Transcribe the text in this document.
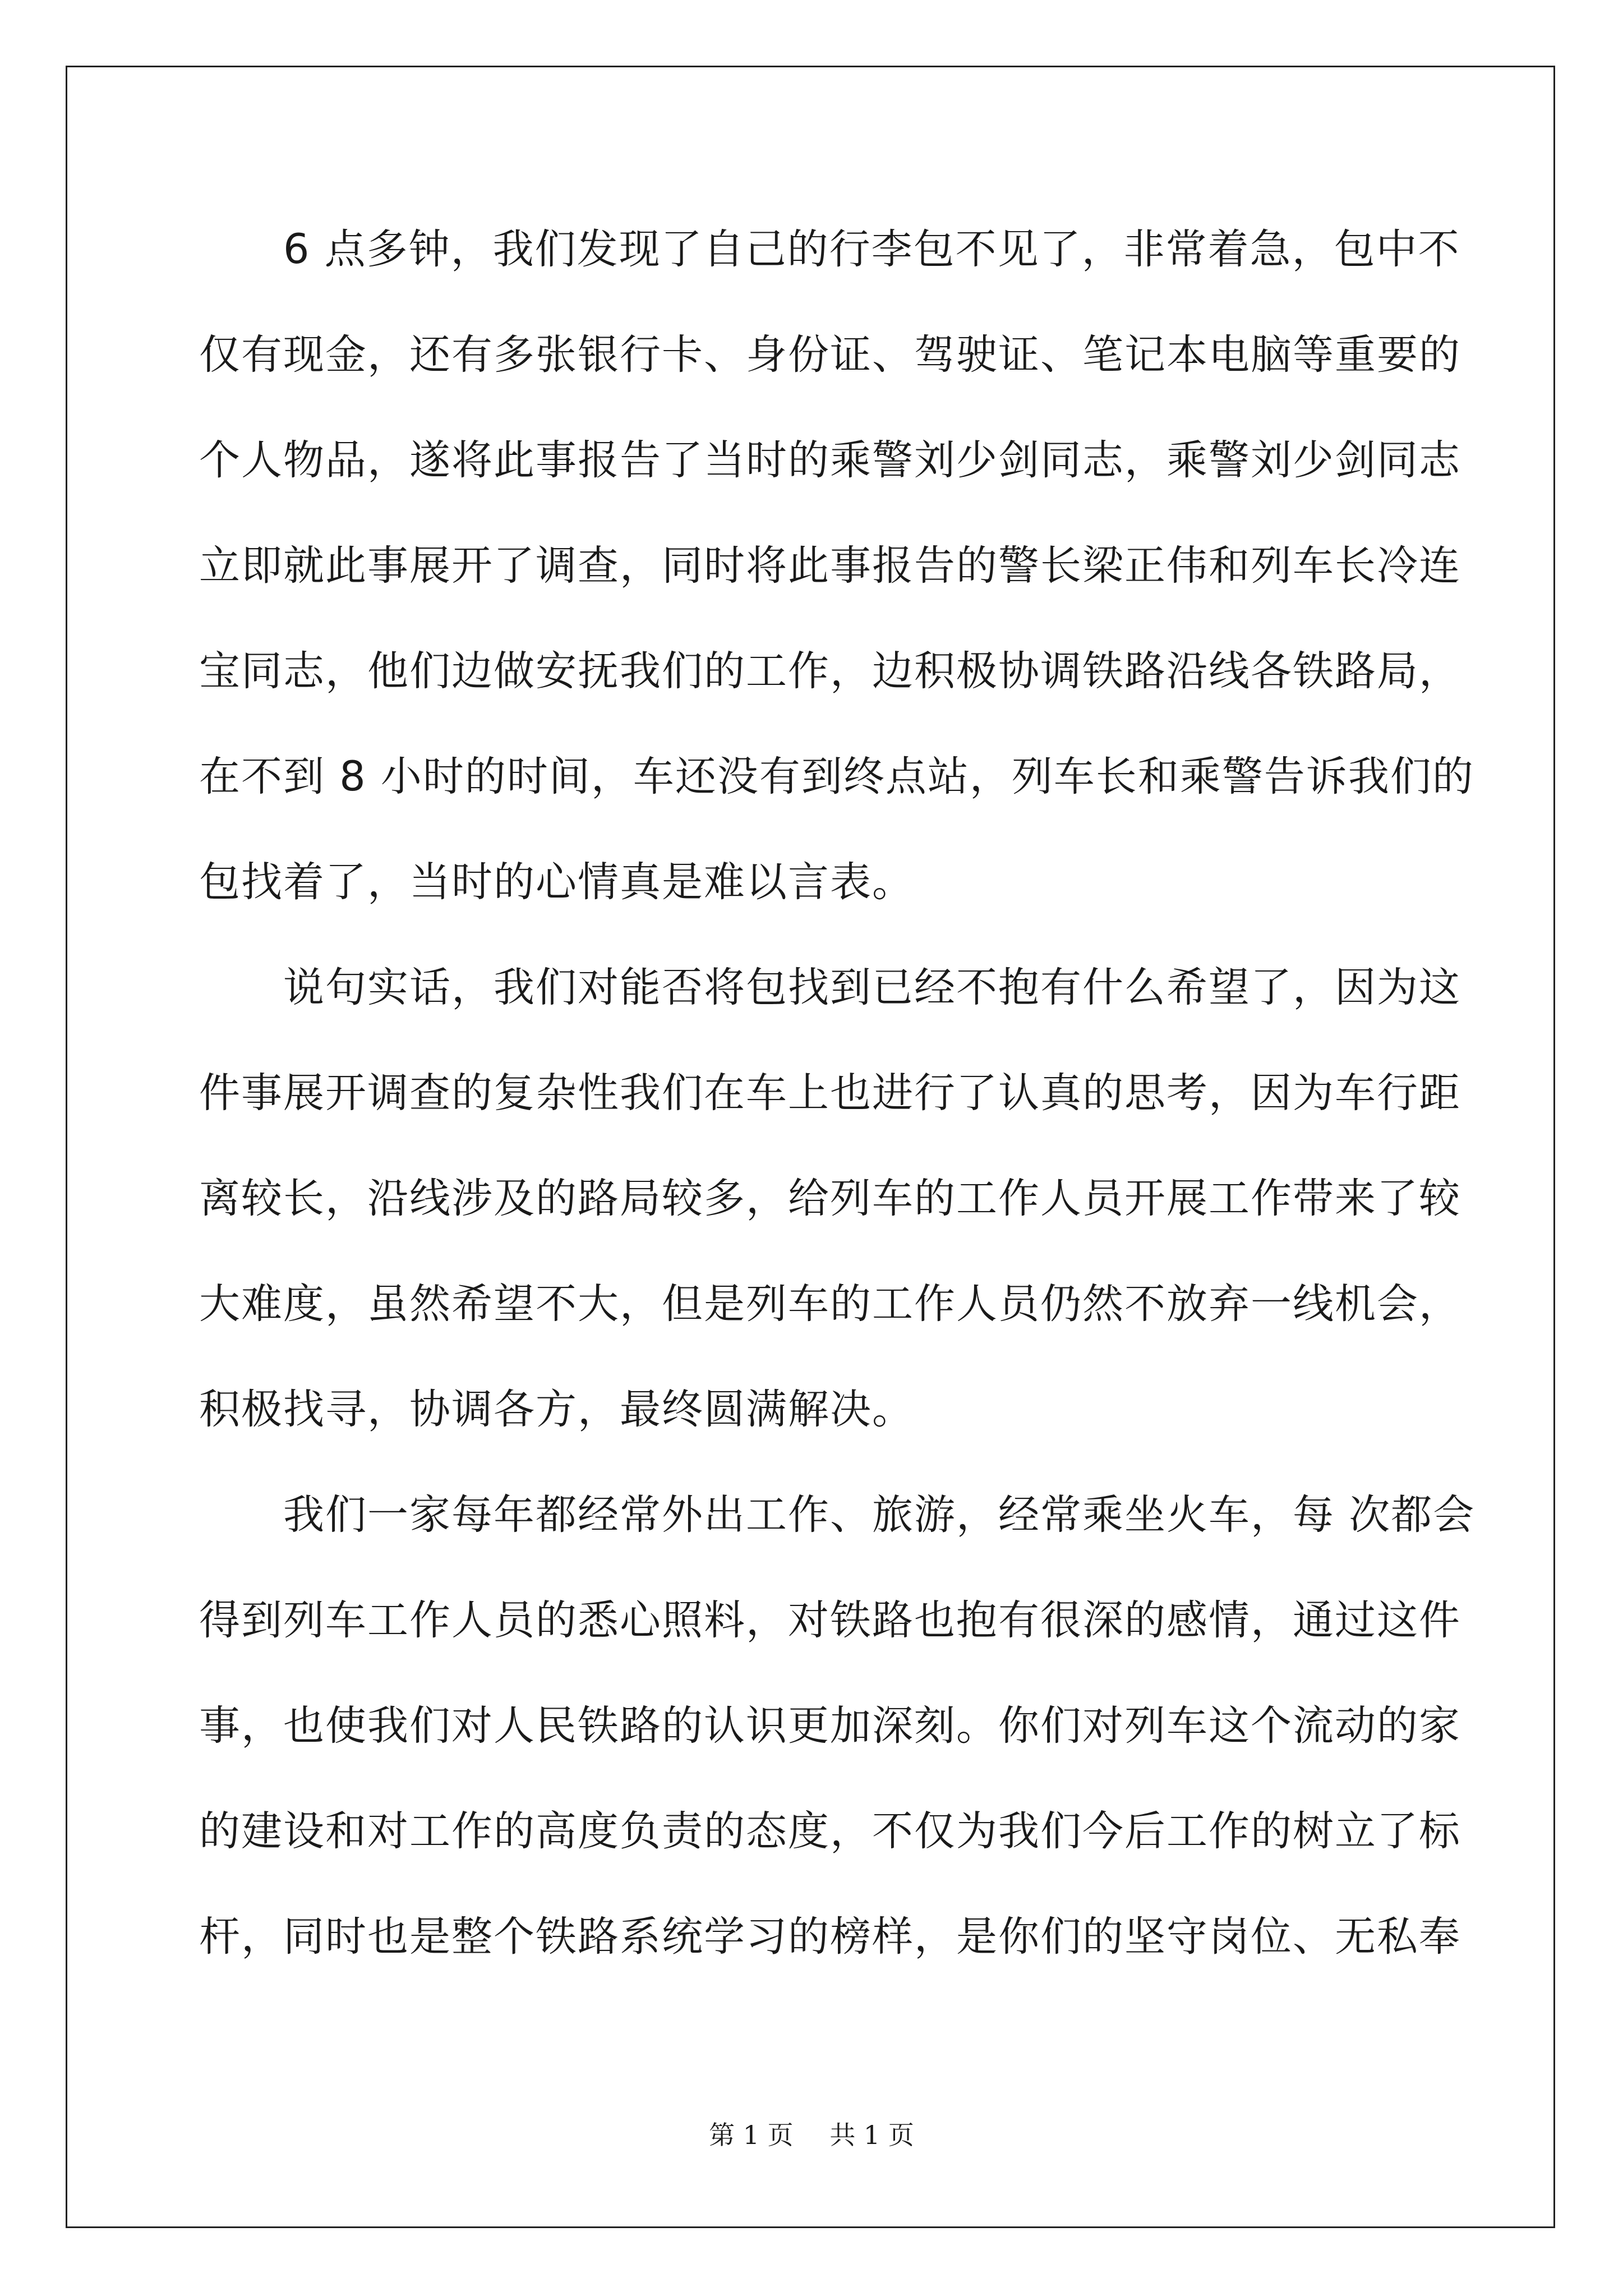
6 点多钟，我们发现了自己的行李包不见了，非常着急，包中不
仅有现金，还有多张银行卡、身份证、驾驶证、笔记本电脑等重要的
个人物品，遂将此事报告了当时的乘警刘少剑同志，乘警刘少剑同志
立即就此事展开了调查，同时将此事报告的警长梁正伟和列车长冷连
宝同志，他们边做安抚我们的工作，边积极协调铁路沿线各铁路局，
在不到 8 小时的时间，车还没有到终点站，列车长和乘警告诉我们的
包找着了，当时的心情真是难以言表。
说句实话，我们对能否将包找到已经不抱有什么希望了，因为这
件事展开调查的复杂性我们在车上也进行了认真的思考，因为车行距
离较长，沿线涉及的路局较多，给列车的工作人员开展工作带来了较
大难度，虽然希望不大，但是列车的工作人员仍然不放弃一线机会，
积极找寻，协调各方，最终圆满解决。
我们一家每年都经常外出工作、旅游，经常乘坐火车，每 次都会
得到列车工作人员的悉心照料，对铁路也抱有很深的感情，通过这件
事，也使我们对人民铁路的认识更加深刻。你们对列车这个流动的家
的建设和对工作的高度负责的态度，不仅为我们今后工作的树立了标
杆，同时也是整个铁路系统学习的榜样，是你们的坚守岗位、无私奉
第 1 页 共 1 页
